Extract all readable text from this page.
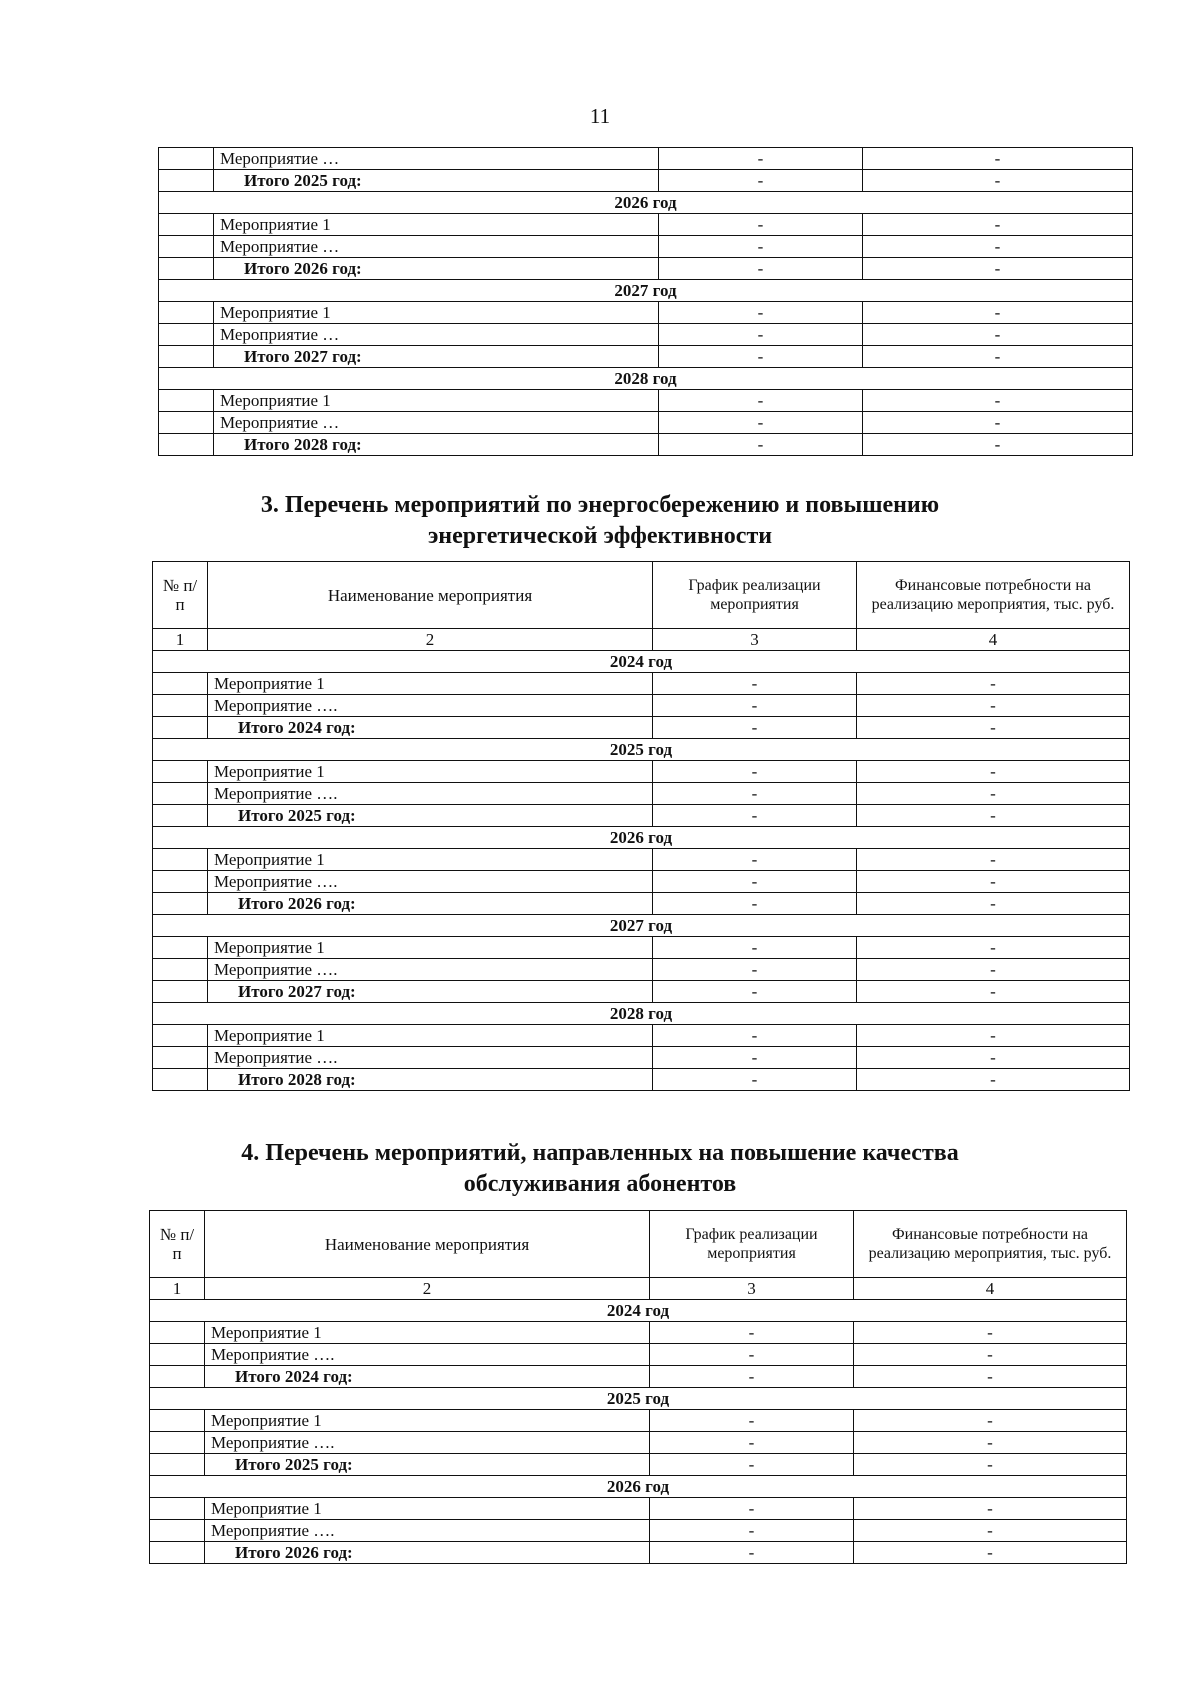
11
	Мероприятие …	-	-
	Итого 2025 год:	-	-
2026 год			
	Мероприятие 1	-	-
	Мероприятие …	-	-
	Итого 2026 год:	-	-
2027 год			
	Мероприятие 1	-	-
	Мероприятие …	-	-
	Итого 2027 год:	-	-
2028 год			
	Мероприятие 1	-	-
	Мероприятие …	-	-
	Итого 2028 год:	-	-
3. Перечень мероприятий по энергосбережению и повышению
энергетической эффективности
№ п/п	Наименование мероприятия	График реализации мероприятия	Финансовые потребности на реализацию мероприятия, тыс. руб.
1	2	3	4
2024 год			
	Мероприятие 1	-	-
	Мероприятие ….	-	-
	Итого 2024 год:	-	-
2025 год			
	Мероприятие 1	-	-
	Мероприятие ….	-	-
	Итого 2025 год:	-	-
2026 год			
	Мероприятие 1	-	-
	Мероприятие ….	-	-
	Итого 2026 год:	-	-
2027 год			
	Мероприятие 1	-	-
	Мероприятие ….	-	-
	Итого 2027 год:	-	-
2028 год			
	Мероприятие 1	-	-
	Мероприятие ….	-	-
	Итого 2028 год:	-	-
4. Перечень мероприятий, направленных на повышение качества
обслуживания абонентов
№ п/п	Наименование мероприятия	График реализации мероприятия	Финансовые потребности на реализацию мероприятия, тыс. руб.
1	2	3	4
2024 год			
	Мероприятие 1	-	-
	Мероприятие ….	-	-
	Итого 2024 год:	-	-
2025 год			
	Мероприятие 1	-	-
	Мероприятие ….	-	-
	Итого 2025 год:	-	-
2026 год			
	Мероприятие 1	-	-
	Мероприятие ….	-	-
	Итого 2026 год:	-	-
